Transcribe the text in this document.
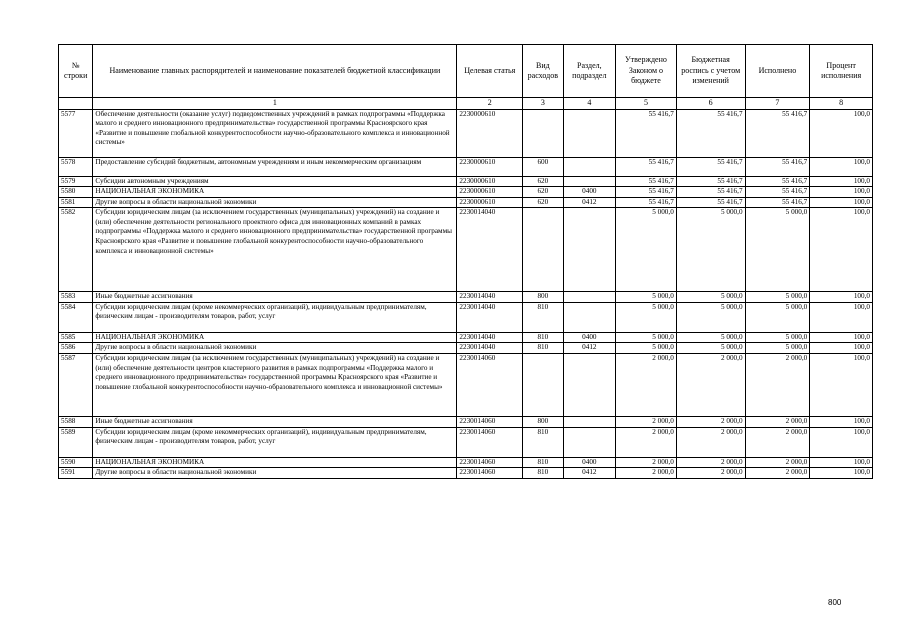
№ строки	Наименование главных распорядителей и наименование показателей бюджетной классификации	Целевая статья	Вид расходов	Раздел, подраздел	Утверждено Законом о бюджете	Бюджетная роспись с учетом изменений	Исполнено	Процент исполнения
	1	2	3	4	5	6	7	8
5577	Обеспечение деятельности (оказание услуг) подведомственных учреждений в рамках подпрограммы «Поддержка малого и среднего инновационного предпринимательства» государственной программы Красноярского края «Развитие и повышение глобальной конкурентоспособности научно-образовательного комплекса и инновационной системы»	2230000610			55 416,7	55 416,7	55 416,7	100,0
5578	Предоставление субсидий бюджетным, автономным учреждениям и иным некоммерческим организациям	2230000610	600		55 416,7	55 416,7	55 416,7	100,0
5579	Субсидии автономным учреждениям	2230000610	620		55 416,7	55 416,7	55 416,7	100,0
5580	НАЦИОНАЛЬНАЯ ЭКОНОМИКА	2230000610	620	0400	55 416,7	55 416,7	55 416,7	100,0
5581	Другие вопросы в области национальной экономики	2230000610	620	0412	55 416,7	55 416,7	55 416,7	100,0
5582	Субсидии юридическим лицам (за исключением государственных (муниципальных) учреждений) на создание и (или) обеспечение деятельности регионального проектного офиса для инновационных компаний в рамках подпрограммы «Поддержка малого и среднего инновационного предпринимательства» государственной программы Красноярского края «Развитие и повышение глобальной конкурентоспособности научно-образовательного комплекса и инновационной системы»	2230014040			5 000,0	5 000,0	5 000,0	100,0
5583	Иные бюджетные ассигнования	2230014040	800		5 000,0	5 000,0	5 000,0	100,0
5584	Субсидии юридическим лицам (кроме некоммерческих организаций), индивидуальным предпринимателям, физическим лицам - производителям товаров, работ, услуг	2230014040	810		5 000,0	5 000,0	5 000,0	100,0
5585	НАЦИОНАЛЬНАЯ ЭКОНОМИКА	2230014040	810	0400	5 000,0	5 000,0	5 000,0	100,0
5586	Другие вопросы в области национальной экономики	2230014040	810	0412	5 000,0	5 000,0	5 000,0	100,0
5587	Субсидии юридическим лицам (за исключением государственных (муниципальных) учреждений) на создание и (или) обеспечение деятельности центров кластерного развития в рамках подпрограммы «Поддержка малого и среднего инновационного предпринимательства» государственной программы Красноярского края «Развитие и повышение глобальной конкурентоспособности научно-образовательного комплекса и инновационной системы»	2230014060			2 000,0	2 000,0	2 000,0	100,0
5588	Иные бюджетные ассигнования	2230014060	800		2 000,0	2 000,0	2 000,0	100,0
5589	Субсидии юридическим лицам (кроме некоммерческих организаций), индивидуальным предпринимателям, физическим лицам - производителям товаров, работ, услуг	2230014060	810		2 000,0	2 000,0	2 000,0	100,0
5590	НАЦИОНАЛЬНАЯ ЭКОНОМИКА	2230014060	810	0400	2 000,0	2 000,0	2 000,0	100,0
5591	Другие вопросы в области национальной экономики	2230014060	810	0412	2 000,0	2 000,0	2 000,0	100,0
800
